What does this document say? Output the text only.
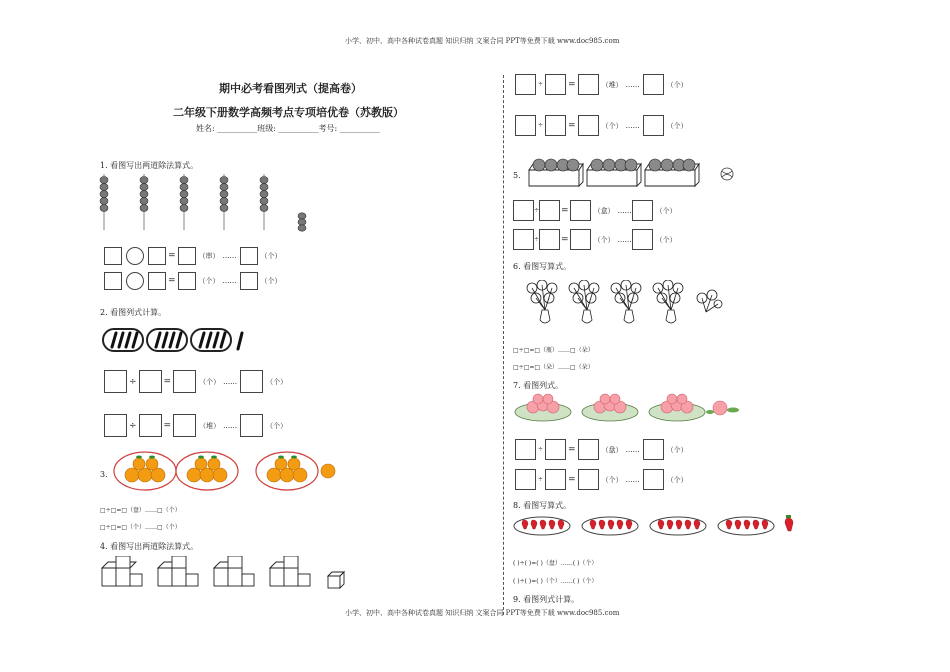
小学、初中、高中各种试卷真题 知识归纳 文案合同 PPT等免费下载 www.doc985.com
小学、初中、高中各种试卷真题 知识归纳 文案合同 PPT等免费下载 www.doc985.com
期中必考看图列式（提高卷）
二年级下册数学高频考点专项培优卷（苏教版）
姓名: __________班级: __________考号: __________
1. 看图写出两道除法算式。
=	（串） ……	（个）
=	（个） ……	（个）
2. 看图列式计算。
÷	=	（个） ……	（个）
÷	=	（堆） ……	（个）
3.
□÷□=□（盘）……□（个）
□÷□=□（个）……□（个）
4. 看图写出两道除法算式。
÷	=	（堆） ……	（个）
÷	=	（个） ……	（个）
5.
÷ =	（盒） ……	（个）
÷ =	（个） ……	（个）
6. 看图写算式。
□÷□=□（瓶）……□（朵）
□÷□=□（朵）……□（朵）
7. 看图列式。
÷	=	（盘） ……	（个）
÷	=	（个） ……	（个）
8. 看图写算式。
( )÷( )=( )（盘）……( )（个）
( )÷( )=( )（个）……( )（个）
9. 看图列式计算。
